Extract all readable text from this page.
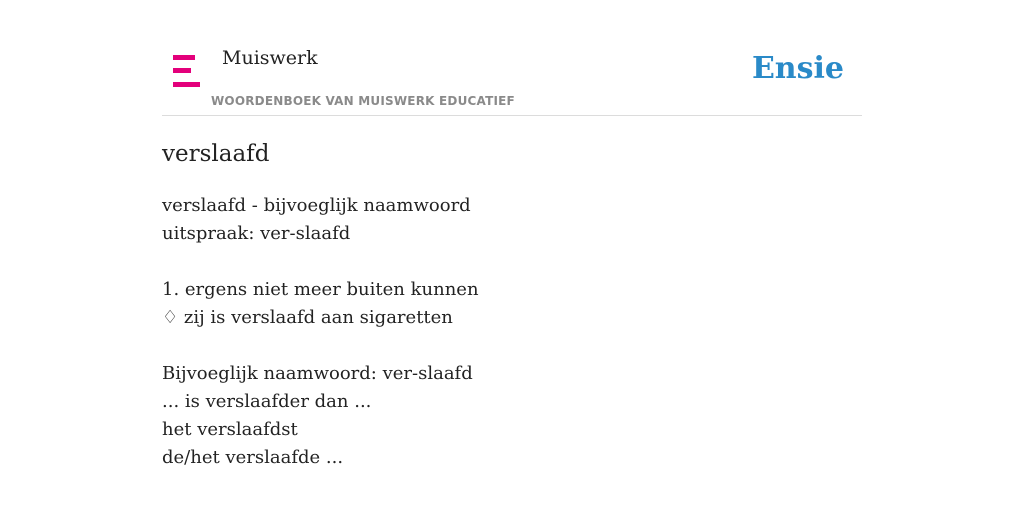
Muiswerk
WOORDENBOEK VAN MUISWERK EDUCATIEF
Ensie
verslaafd
verslaafd - bijvoeglijk naamwoord
uitspraak: ver-slaafd
1. ergens niet meer buiten kunnen
♢ zij is verslaafd aan sigaretten
Bijvoeglijk naamwoord: ver-slaafd
... is verslaafder dan ...
het verslaafdst
de/het verslaafde ...
